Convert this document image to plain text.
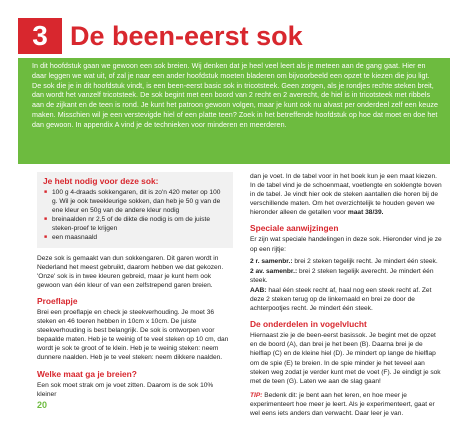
3 De been-eerst sok

In dit hoofdstuk gaan we gewoon een sok breien. Wij denken dat je heel veel leert als je meteen aan de gang gaat. Hier en daar leggen we wat uit, of zal je naar een ander hoofdstuk moeten bladeren om bijvoorbeeld een opzet te kiezen die jou ligt. De sok die je in dit hoofdstuk vindt, is een been-eerst basic sok in tricotsteek. Geen zorgen, als je rondjes rechte steken breit, dan wordt het vanzelf tricotsteek. De sok begint met een boord van 2 recht en 2 averecht, de hiel is in tricotsteek met ribbels aan de zijkant en de teen is rond. Je kunt het patroon gewoon volgen, maar je kunt ook nu alvast per onderdeel zelf een keuze maken. Misschien wil je een verstevigde hiel of een platte teen? Zoek in het betreffende hoofdstuk op hoe dat moet en doe het dan gewoon. In appendix A vind je de technieken voor minderen en meerderen.

Je hebt nodig voor deze sok:
■ 100 g 4-draads sokkengaren, dit is zo'n 420 meter op 100 g. Wil je ook tweekleurige sokken, dan heb je 50 g van de ene kleur en 50g van de andere kleur nodig
■ breinaalden nr 2,5 of de dikte die nodig is om de juiste steken-proef te krijgen
■ een maasnaald

Deze sok is gemaakt van dun sokkengaren. Dit garen wordt in Nederland het meest gebruikt, daarom hebben we dat gekozen. 'Onze' sok is in twee kleuren gebreid, maar je kunt hem ook gewoon van één kleur of van een zelfstrepend garen breien.

Proeflapje

Brei een proeflapje en check je steekverhouding. Je moet 36 steken en 46 toeren hebben in 10cm x 10cm. De juiste steekverhouding is best belangrijk. De sok is ontworpen voor bepaalde maten. Heb je te weinig of te veel steken op 10 cm, dan wordt je sok te groot of te klein. Heb je te weinig steken: neem dunnere naalden. Heb je te veel steken: neem dikkere naalden.

Welke maat ga je breien?

Een sok moet strak om je voet zitten. Daarom is de sok 10% kleiner

dan je voet. In de tabel voor in het boek kun je een maat kiezen. In de tabel vind je de schoenmaat, voetlengte en soklengte boven in de tabel. Je vindt hier ook de steken aantallen die horen bij de verschillende maten. Om het overzichtelijk te houden geven we hieronder alleen de getallen voor maat 38/39.

Speciale aanwijzingen

Er zijn wat speciale handelingen in deze sok. Hieronder vind je ze op een rijtje:

2 r. samenbr.: brei 2 steken tegelijk recht. Je mindert één steek.

2 av. samenbr.: brei 2 steken tegelijk averecht. Je mindert één steek.

AAB: haal één steek recht af, haal nog een steek recht af. Zet deze 2 steken terug op de linkernaald en brei ze door de achterpootjes recht. Je mindert één steek.

De onderdelen in vogelvlucht

Hiernaast zie je de been-eerst basissok. Je begint met de opzet en de boord (A), dan brei je het been (B). Daarna brei je de hielflap (C) en de kleine hiel (D). Je mindert op lange de hielflap om de spie (E) te breien. In de spie minder je het teveel aan steken weg zodat je verder kunt met de voet (F). Je eindigt je sok met de teen (G). Laten we aan de slag gaan!

TIP: Bedenk dit: je bent aan het leren, en hoe meer je experimenteert hoe meer je leert. Als je experimenteert, gaat er wel eens iets anders dan verwacht. Daar leer je van.

20
